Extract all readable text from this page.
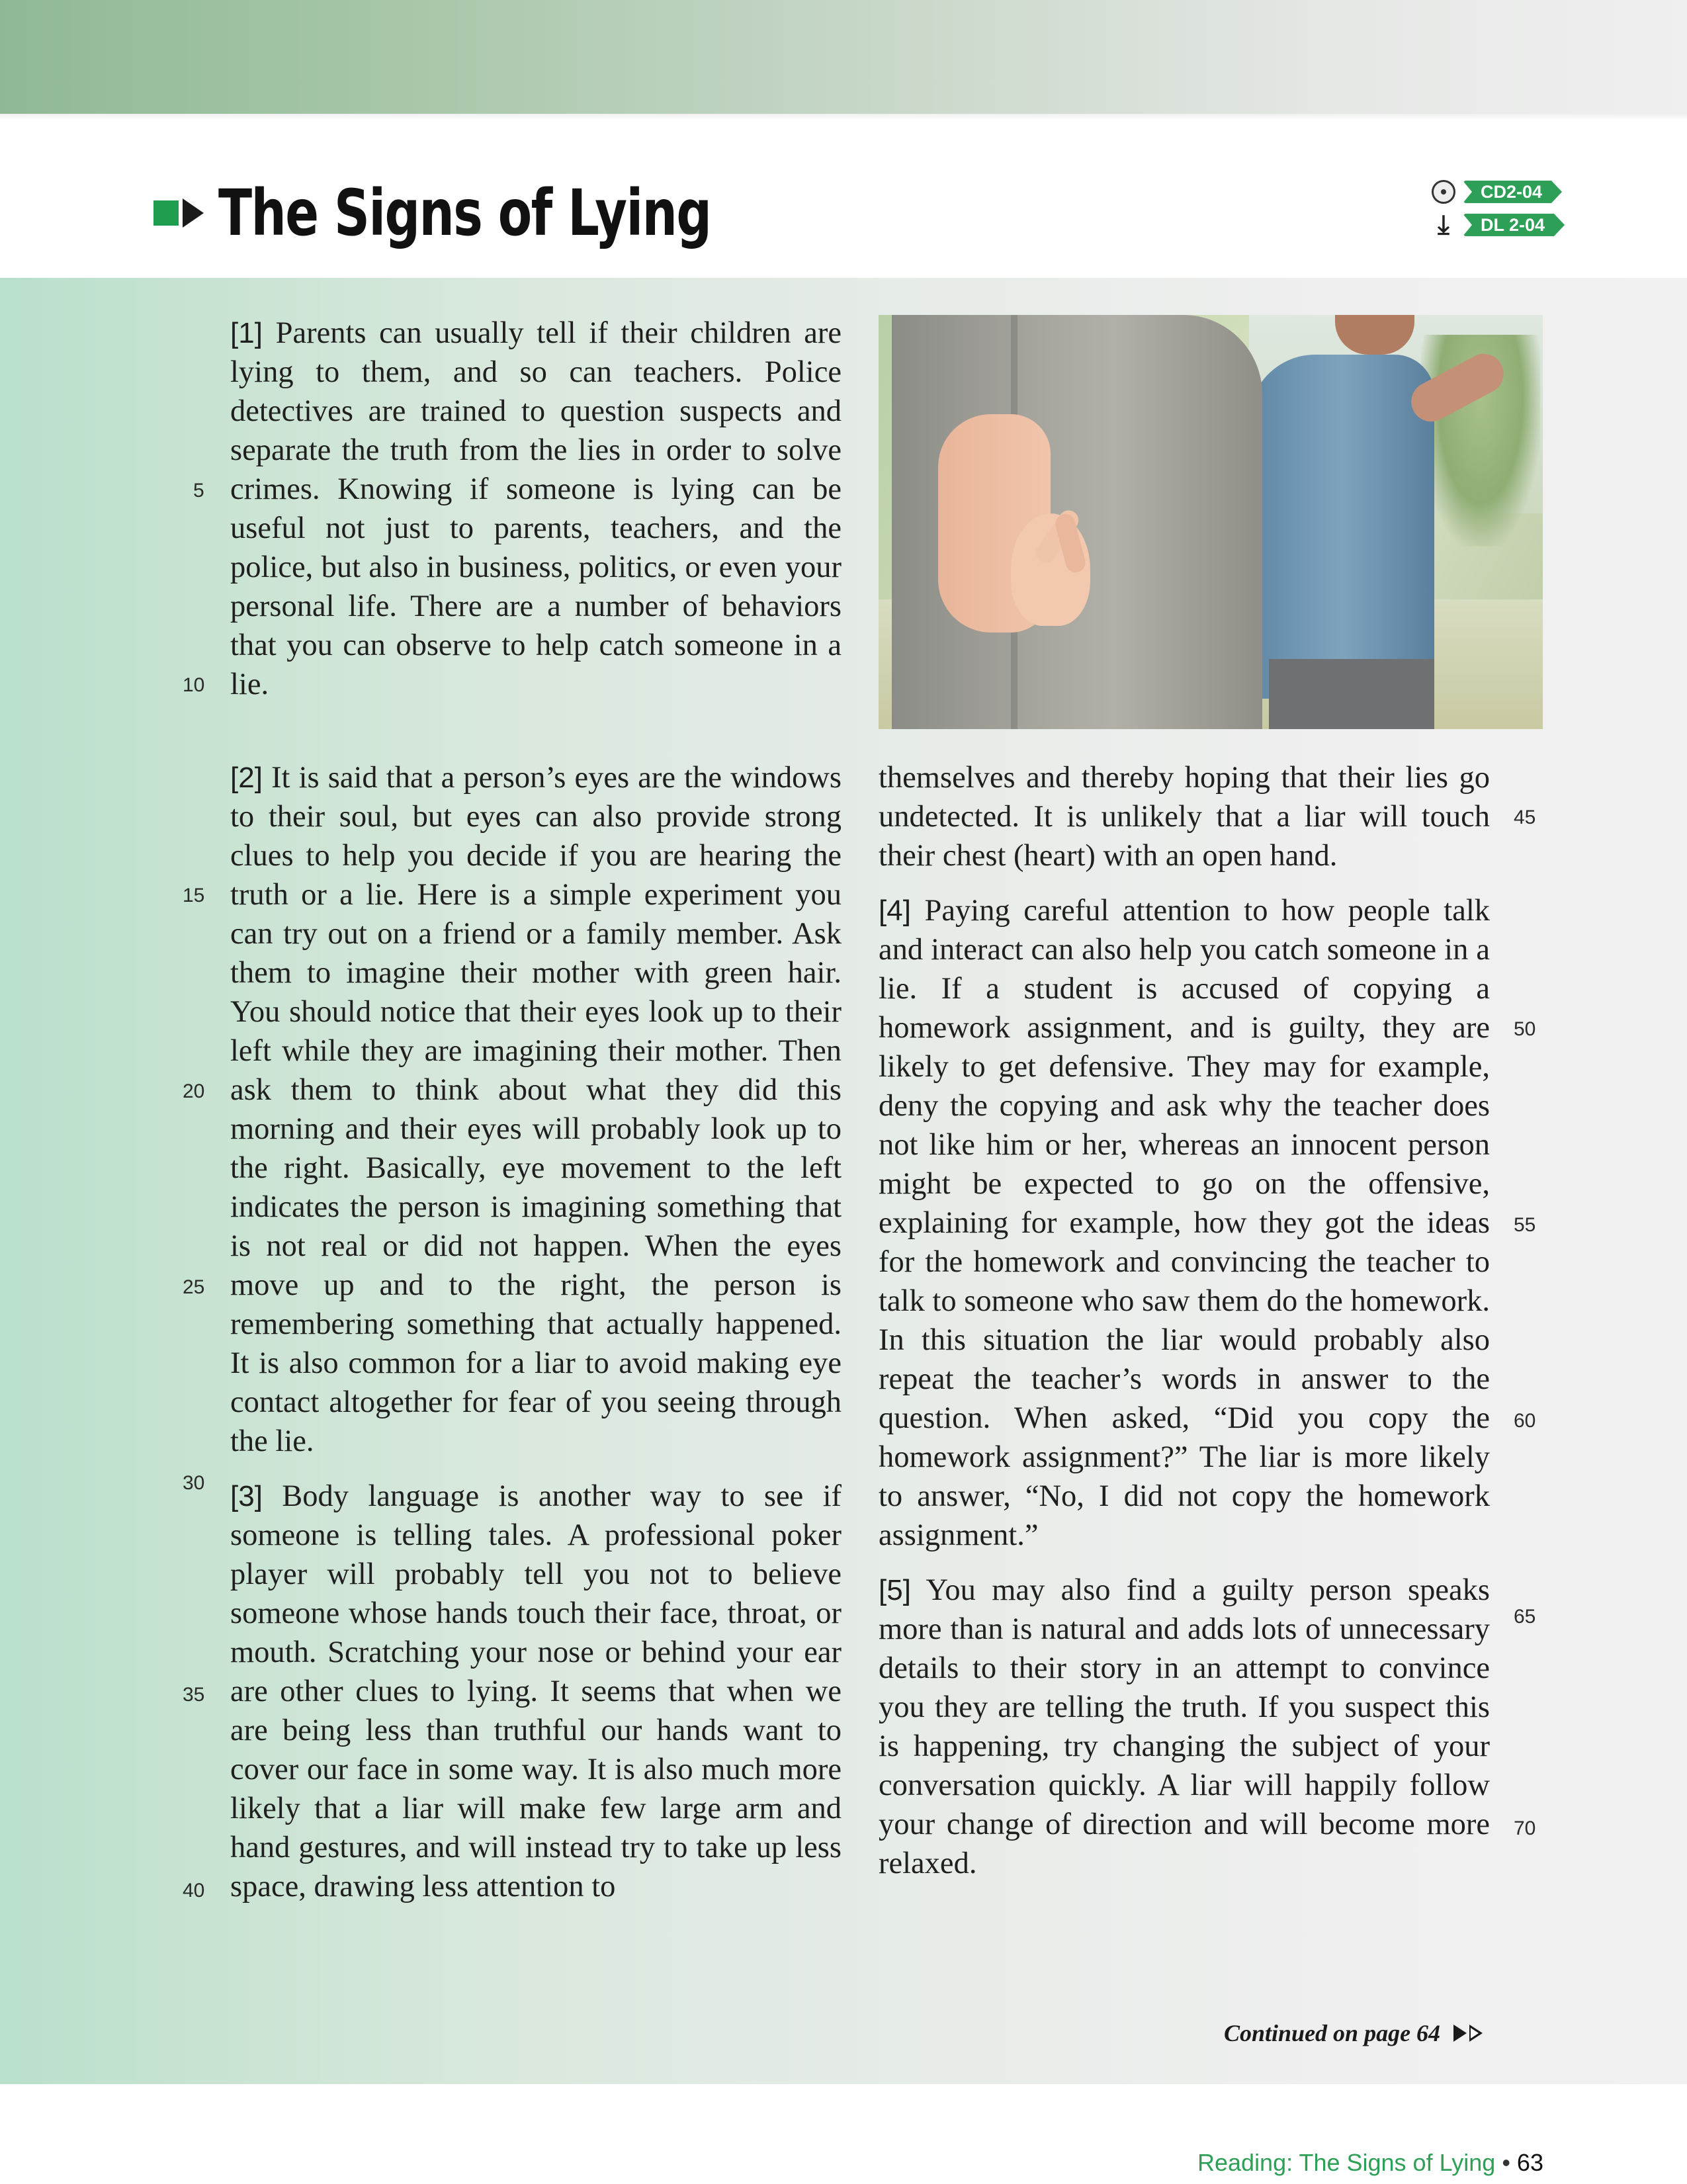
The Signs of Lying	CD2-04
⤓	DL 2-04

[1] Parents can usually tell if their children are lying to them, and so can teachers. Police detectives are trained to question suspects and separate the truth from the lies in order to solve crimes. Knowing if someone is lying can be useful not just to parents, teachers, and the police, but also in business, politics, or even your personal life. There are a number of behaviors that you can observe to help catch someone in a lie.

[2] It is said that a person’s eyes are the windows to their soul, but eyes can also provide strong clues to help you decide if you are hearing the truth or a lie. Here is a simple experiment you can try out on a friend or a family member. Ask them to imagine their mother with green hair. You should notice that their eyes look up to their left while they are imagining their mother. Then ask them to think about what they did this morning and their eyes will probably look up to the right. Basically, eye movement to the left indicates the person is imagining something that is not real or did not happen. When the eyes move up and to the right, the person is remembering something that actually happened. It is also common for a liar to avoid making eye contact altogether for fear of you seeing through the lie.

[3] Body language is another way to see if someone is telling tales. A professional poker player will probably tell you not to believe someone whose hands touch their face, throat, or mouth. Scratching your nose or behind your ear are other clues to lying. It seems that when we are being less than truthful our hands want to cover our face in some way. It is also much more likely that a liar will make few large arm and hand gestures, and will instead try to take up less space, drawing less attention to

themselves and thereby hoping that their lies go undetected. It is unlikely that a liar will touch their chest (heart) with an open hand.

[4] Paying careful attention to how people talk and interact can also help you catch someone in a lie. If a student is accused of copying a homework assignment, and is guilty, they are likely to get defensive. They may for example, deny the copying and ask why the teacher does not like him or her, whereas an innocent person might be expected to go on the offensive, explaining for example, how they got the ideas for the homework and convincing the teacher to talk to someone who saw them do the homework. In this situation the liar would probably also repeat the teacher’s words in answer to the question. When asked, “Did you copy the homework assignment?” The liar is more likely to answer, “No, I did not copy the homework assignment.”

[5] You may also find a guilty person speaks more than is natural and adds lots of unnecessary details to their story in an attempt to convince you they are telling the truth. If you suspect this is happening, try changing the subject of your conversation quickly. A liar will happily follow your change of direction and will become more relaxed.

5
10
15
20
25
30
35
40
45
50
55
60
65
70
Continued on page 64
Reading: The Signs of Lying • 63
